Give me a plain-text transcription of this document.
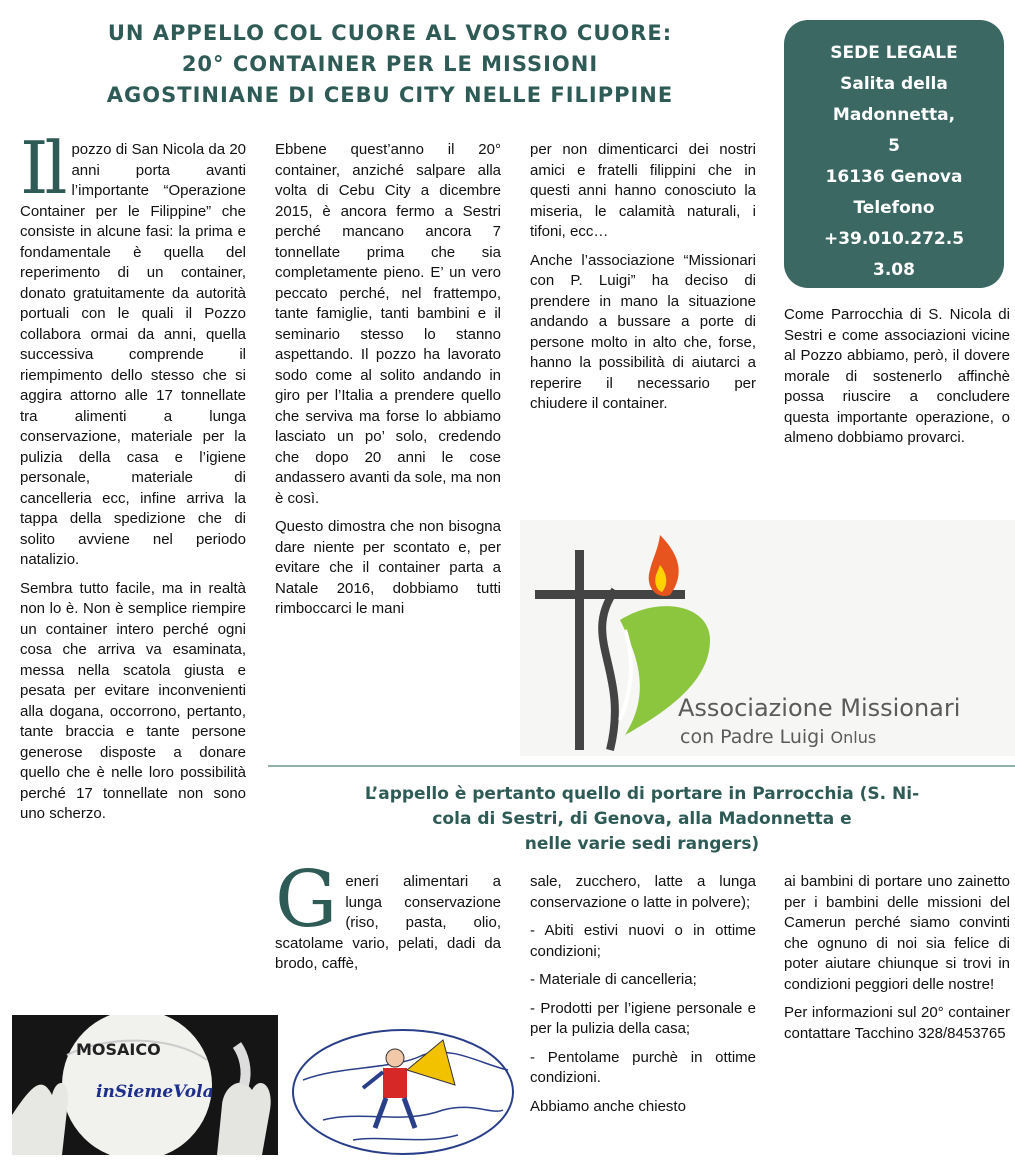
UN APPELLO COL CUORE AL VOSTRO CUORE:
20° CONTAINER PER LE MISSIONI
AGOSTINIANE DI CEBU CITY NELLE FILIPPINE
SEDE LEGALE
Salita della
Madonnetta,
5
16136 Genova
Telefono
+39.010.272.5
3.08

Il pozzo di San Nicola da 20 anni porta avanti l’importante “Operazione Container per le Filippine” che consiste in alcune fasi: la prima e fondamentale è quella del reperimento di un container, donato gratuitamente da autorità portuali con le quali il Pozzo collabora ormai da anni, quella successiva comprende il riempimento dello stesso che si aggira attorno alle 17 tonnellate tra alimenti a lunga conservazione, materiale per la pulizia della casa e l’igiene personale, materiale di cancelleria ecc, infine arriva la tappa della spedizione che di solito avviene nel periodo natalizio.

Sembra tutto facile, ma in realtà non lo è. Non è semplice riempire un container intero perché ogni cosa che arriva va esaminata, messa nella scatola giusta e pesata per evitare inconvenienti alla dogana, occorrono, pertanto, tante braccia e tante persone generose disposte a donare quello che è nelle loro possibilità perché 17 tonnellate non sono uno scherzo.

Ebbene quest’anno il 20° container, anziché salpare alla volta di Cebu City a dicembre 2015, è ancora fermo a Sestri perché mancano ancora 7 tonnellate prima che sia completamente pieno. E’ un vero peccato perché, nel frattempo, tante famiglie, tanti bambini e il seminario stesso lo stanno aspettando. Il pozzo ha lavorato sodo come al solito andando in giro per l’Italia a prendere quello che serviva ma forse lo abbiamo lasciato un po’ solo, credendo che dopo 20 anni le cose andassero avanti da sole, ma non è così.

Questo dimostra che non bisogna dare niente per scontato e, per evitare che il container parta a Natale 2016, dobbiamo tutti rimboccarci le mani

per non dimenticarci dei nostri amici e fratelli filippini che in questi anni hanno conosciuto la miseria, le calamità naturali, i tifoni, ecc…

Anche l’associazione “Missionari con P. Luigi” ha deciso di prendere in mano la situazione andando a bussare a porte di persone molto in alto che, forse, hanno la possibilità di aiutarci a reperire il necessario per chiudere il container.

Come Parrocchia di S. Nicola di Sestri e come associazioni vicine al Pozzo abbiamo, però, il dovere morale di sostenerlo affinchè possa riuscire a concludere questa importante operazione, o almeno dobbiamo provarci.

Associazione Missionari
con Padre Luigi Onlus
L’appello è pertanto quello di portare in Parrocchia (S. Ni-
cola di Sestri, di Genova, alla Madonnetta e
nelle varie sedi rangers)

Generi alimentari a lunga conservazione (riso, pasta, olio, scatolame vario, pelati, dadi da brodo, caffè,

sale, zucchero, latte a lunga conservazione o latte in polvere);

- Abiti estivi nuovi o in ottime condizioni;

- Materiale di cancelleria;

- Prodotti per l’igiene personale e per la pulizia della casa;

- Pentolame purchè in ottime condizioni.

Abbiamo anche chiesto

ai bambini di portare uno zainetto per i bambini delle missioni del Camerun perché siamo convinti che ognuno di noi sia felice di poter aiutare chiunque si trovi in condizioni peggiori delle nostre!

Per informazioni sul 20° container contattare Tacchino 328/8453765

MOSAICO
inSiemeVola
